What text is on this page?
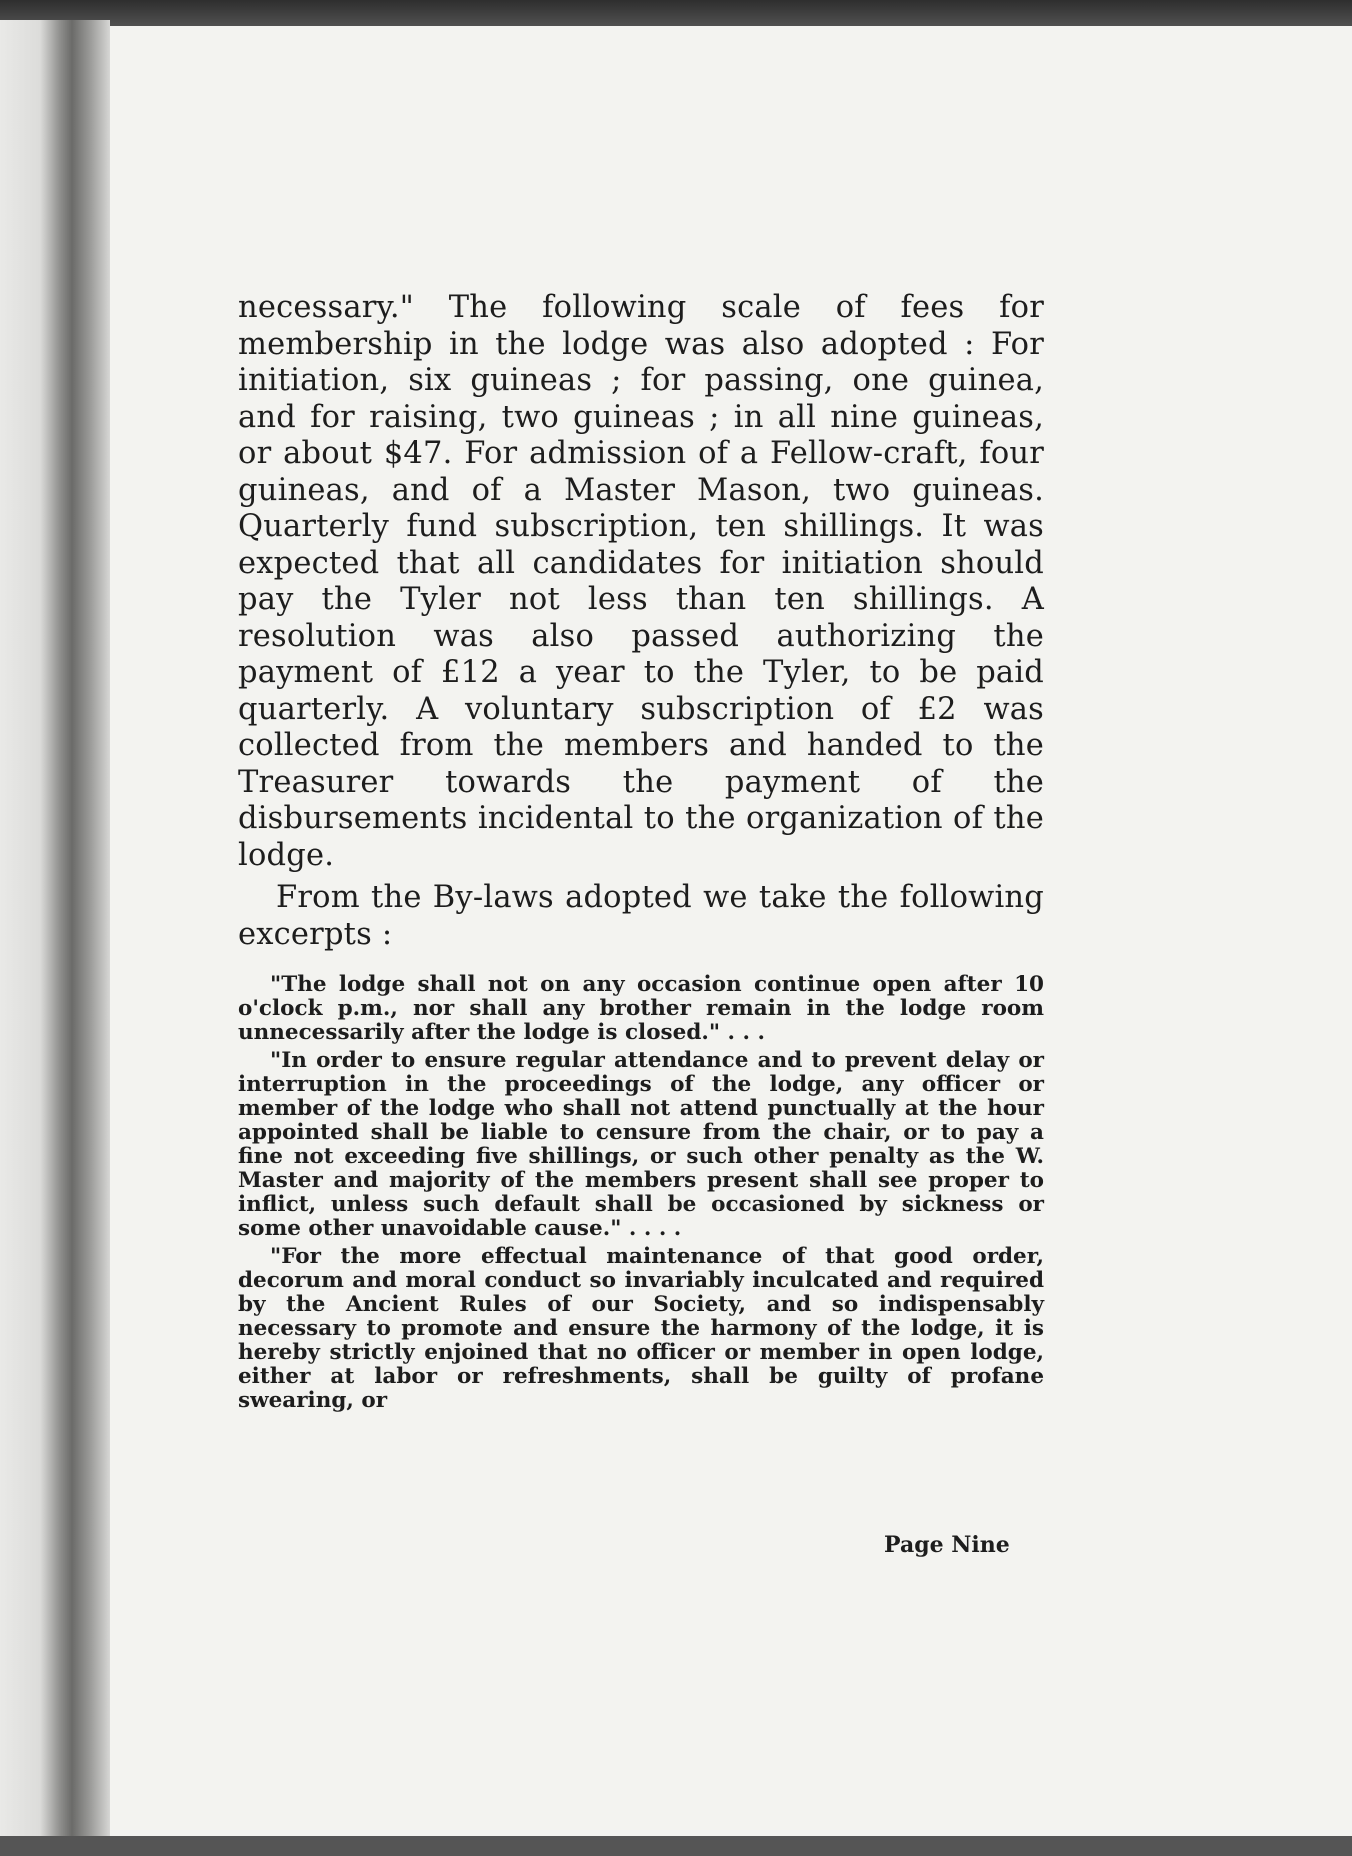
necessary." The following scale of fees for membership in the lodge was also adopted : For initiation, six guineas ; for passing, one guinea, and for raising, two guineas ; in all nine guineas, or about $47. For admission of a Fellow-craft, four guineas, and of a Master Mason, two guineas. Quarterly fund subscription, ten shillings. It was expected that all candidates for initiation should pay the Tyler not less than ten shillings. A resolution was also passed authorizing the payment of £12 a year to the Tyler, to be paid quarterly. A voluntary subscription of £2 was collected from the members and handed to the Treasurer towards the payment of the disbursements incidental to the organization of the lodge.

From the By-laws adopted we take the following excerpts :

"The lodge shall not on any occasion continue open after 10 o'clock p.m., nor shall any brother remain in the lodge room unnecessarily after the lodge is closed." . . .

"In order to ensure regular attendance and to prevent delay or interruption in the proceedings of the lodge, any officer or member of the lodge who shall not attend punctually at the hour appointed shall be liable to censure from the chair, or to pay a fine not exceeding five shillings, or such other penalty as the W. Master and majority of the members present shall see proper to inflict, unless such default shall be occasioned by sickness or some other unavoidable cause." . . . .

"For the more effectual maintenance of that good order, decorum and moral conduct so invariably inculcated and required by the Ancient Rules of our Society, and so indispensably necessary to promote and ensure the harmony of the lodge, it is hereby strictly enjoined that no officer or member in open lodge, either at labor or refreshments, shall be guilty of profane swearing, or

Page Nine
